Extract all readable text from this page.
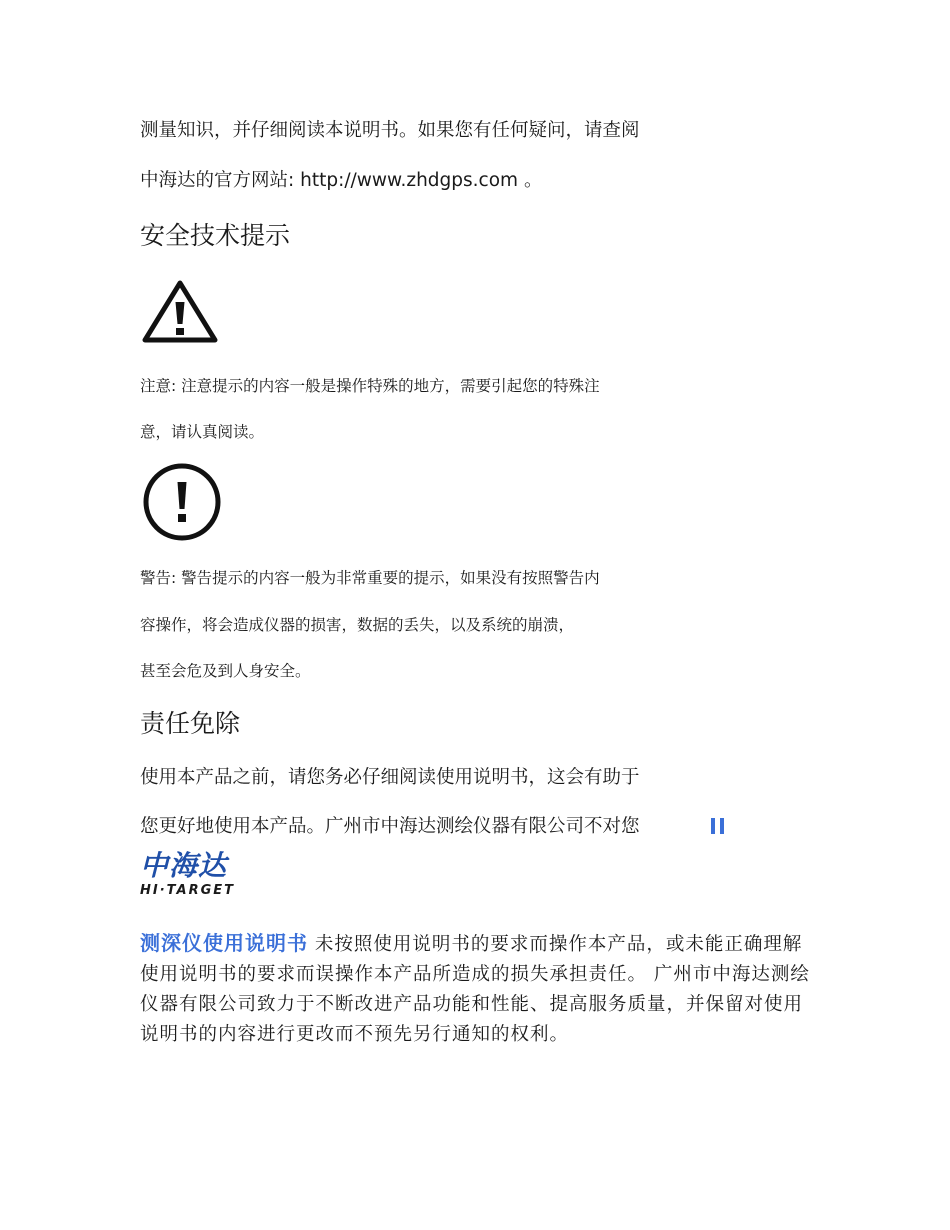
测量知识，并仔细阅读本说明书。如果您有任何疑问，请查阅
中海达的官方网站: http://www.zhdgps.com 。
安全技术提示
注意: 注意提示的内容一般是操作特殊的地方，需要引起您的特殊注
意，请认真阅读。
警告: 警告提示的内容一般为非常重要的提示，如果没有按照警告内
容操作，将会造成仪器的损害，数据的丢失，以及系统的崩溃，
甚至会危及到人身安全。
责任免除
使用本产品之前，请您务必仔细阅读使用说明书，这会有助于
您更好地使用本产品。广州市中海达测绘仪器有限公司不对您
中海达
HI·TARGET
测深仪使用说明书 未按照使用说明书的要求而操作本产品，或未能正确理解使用说明书的要求而误操作本产品所造成的损失承担责任。 广州市中海达测绘仪器有限公司致力于不断改进产品功能和性能、提高服务质量，并保留对使用说明书的内容进行更改而不预先另行通知的权利。
